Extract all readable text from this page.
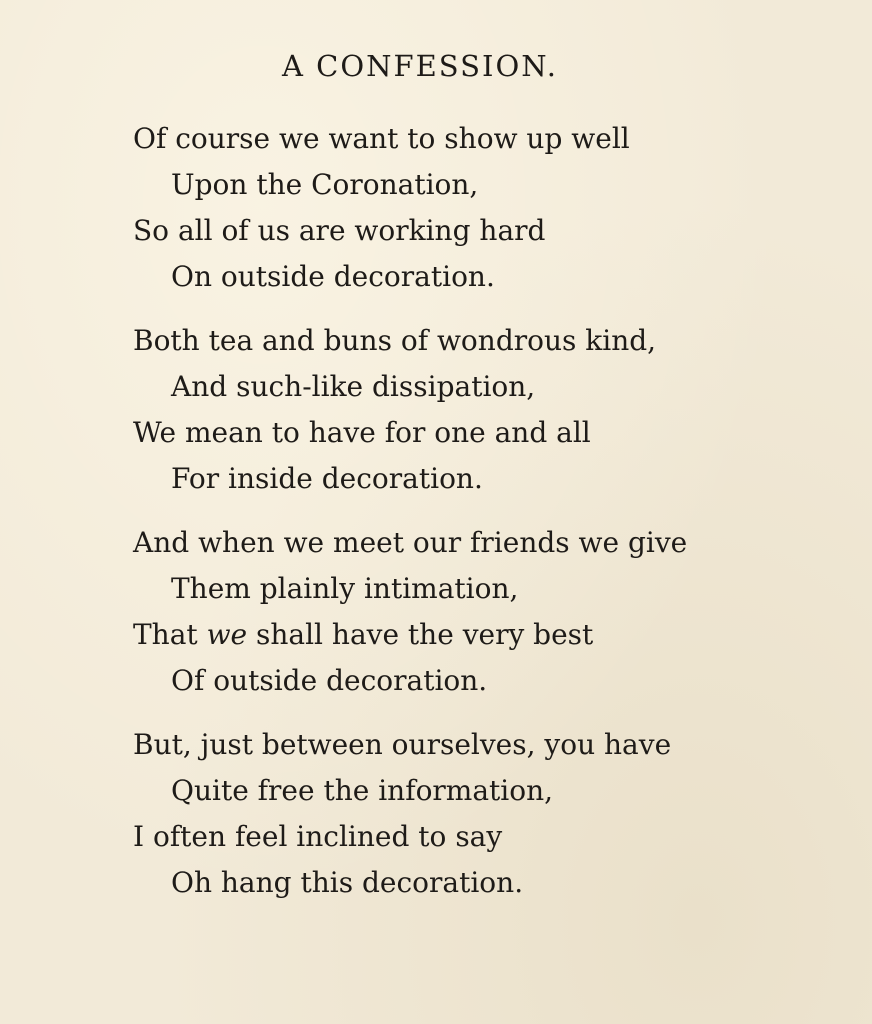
A CONFESSION.
Of course we want to show up well
Upon the Coronation,
So all of us are working hard
On outside decoration.
Both tea and buns of wondrous kind,
And such-like dissipation,
We mean to have for one and all
For inside decoration.
And when we meet our friends we give
Them plainly intimation,
That we shall have the very best
Of outside decoration.
But, just between ourselves, you have
Quite free the information,
I often feel inclined to say
Oh hang this decoration.
